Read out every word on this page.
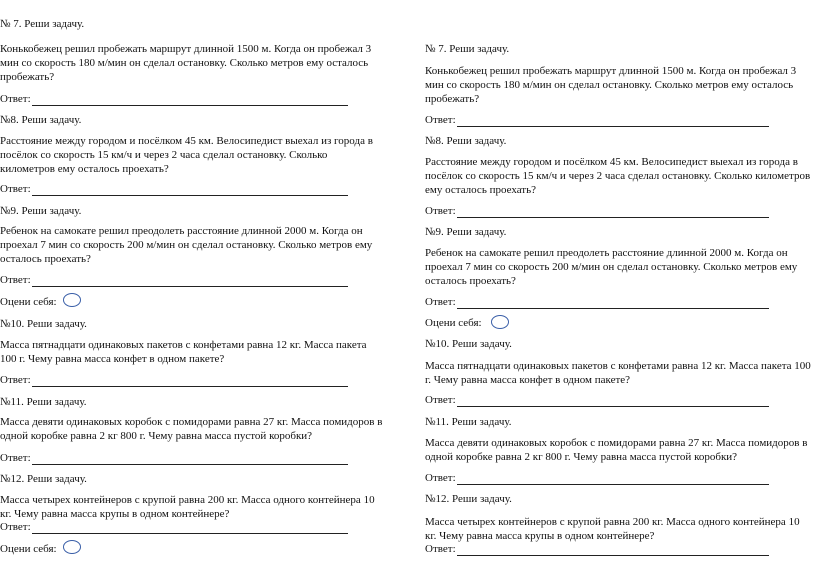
№ 7. Реши задачу.
Конькобежец решил пробежать маршрут длинной 1500 м. Когда он пробежал 3 мин со скорость 180 м/мин он сделал остановку. Сколько метров ему осталось пробежать?
Ответ:
№8. Реши задачу.
Расстояние между городом и посёлком 45 км. Велосипедист выехал из города в посёлок со скорость 15 км/ч и через 2 часа сделал остановку. Сколько километров ему осталось проехать?
Ответ:
№9. Реши задачу.
Ребенок на самокате решил преодолеть расстояние длинной 2000 м. Когда он проехал 7 мин со скорость 200 м/мин он сделал остановку. Сколько метров ему осталось проехать?
Ответ:
Оцени себя:
№10. Реши задачу.
Масса пятнадцати одинаковых пакетов с конфетами равна 12 кг. Масса пакета 100 г. Чему равна масса конфет в одном пакете?
Ответ:
№11. Реши задачу.
Масса девяти одинаковых коробок с помидорами равна 27 кг. Масса помидоров в одной коробке равна 2 кг 800 г. Чему равна масса пустой коробки?
Ответ:
№12. Реши задачу.
Масса четырех контейнеров с крупой равна 200 кг. Масса одного контейнера 10 кг. Чему равна масса крупы в одном контейнере?
Ответ:
Оцени себя:
№ 7. Реши задачу.
Конькобежец решил пробежать маршрут длинной 1500 м. Когда он пробежал 3 мин со скорость 180 м/мин он сделал остановку. Сколько метров ему осталось пробежать?
Ответ:
№8. Реши задачу.
Расстояние между городом и посёлком 45 км. Велосипедист выехал из города в посёлок со скорость 15 км/ч и через 2 часа сделал остановку. Сколько километров ему осталось проехать?
Ответ:
№9. Реши задачу.
Ребенок на самокате решил преодолеть расстояние длинной 2000 м. Когда он проехал 7 мин со скорость 200 м/мин он сделал остановку. Сколько метров ему осталось проехать?
Ответ:
Оцени себя:
№10. Реши задачу.
Масса пятнадцати одинаковых пакетов с конфетами равна 12 кг. Масса пакета 100 г. Чему равна масса конфет в одном пакете?
Ответ:
№11. Реши задачу.
Масса девяти одинаковых коробок с помидорами равна 27 кг. Масса помидоров в одной коробке равна 2 кг 800 г. Чему равна масса пустой коробки?
Ответ:
№12. Реши задачу.
Масса четырех контейнеров с крупой равна 200 кг. Масса одного контейнера 10 кг. Чему равна масса крупы в одном контейнере?
Ответ:
